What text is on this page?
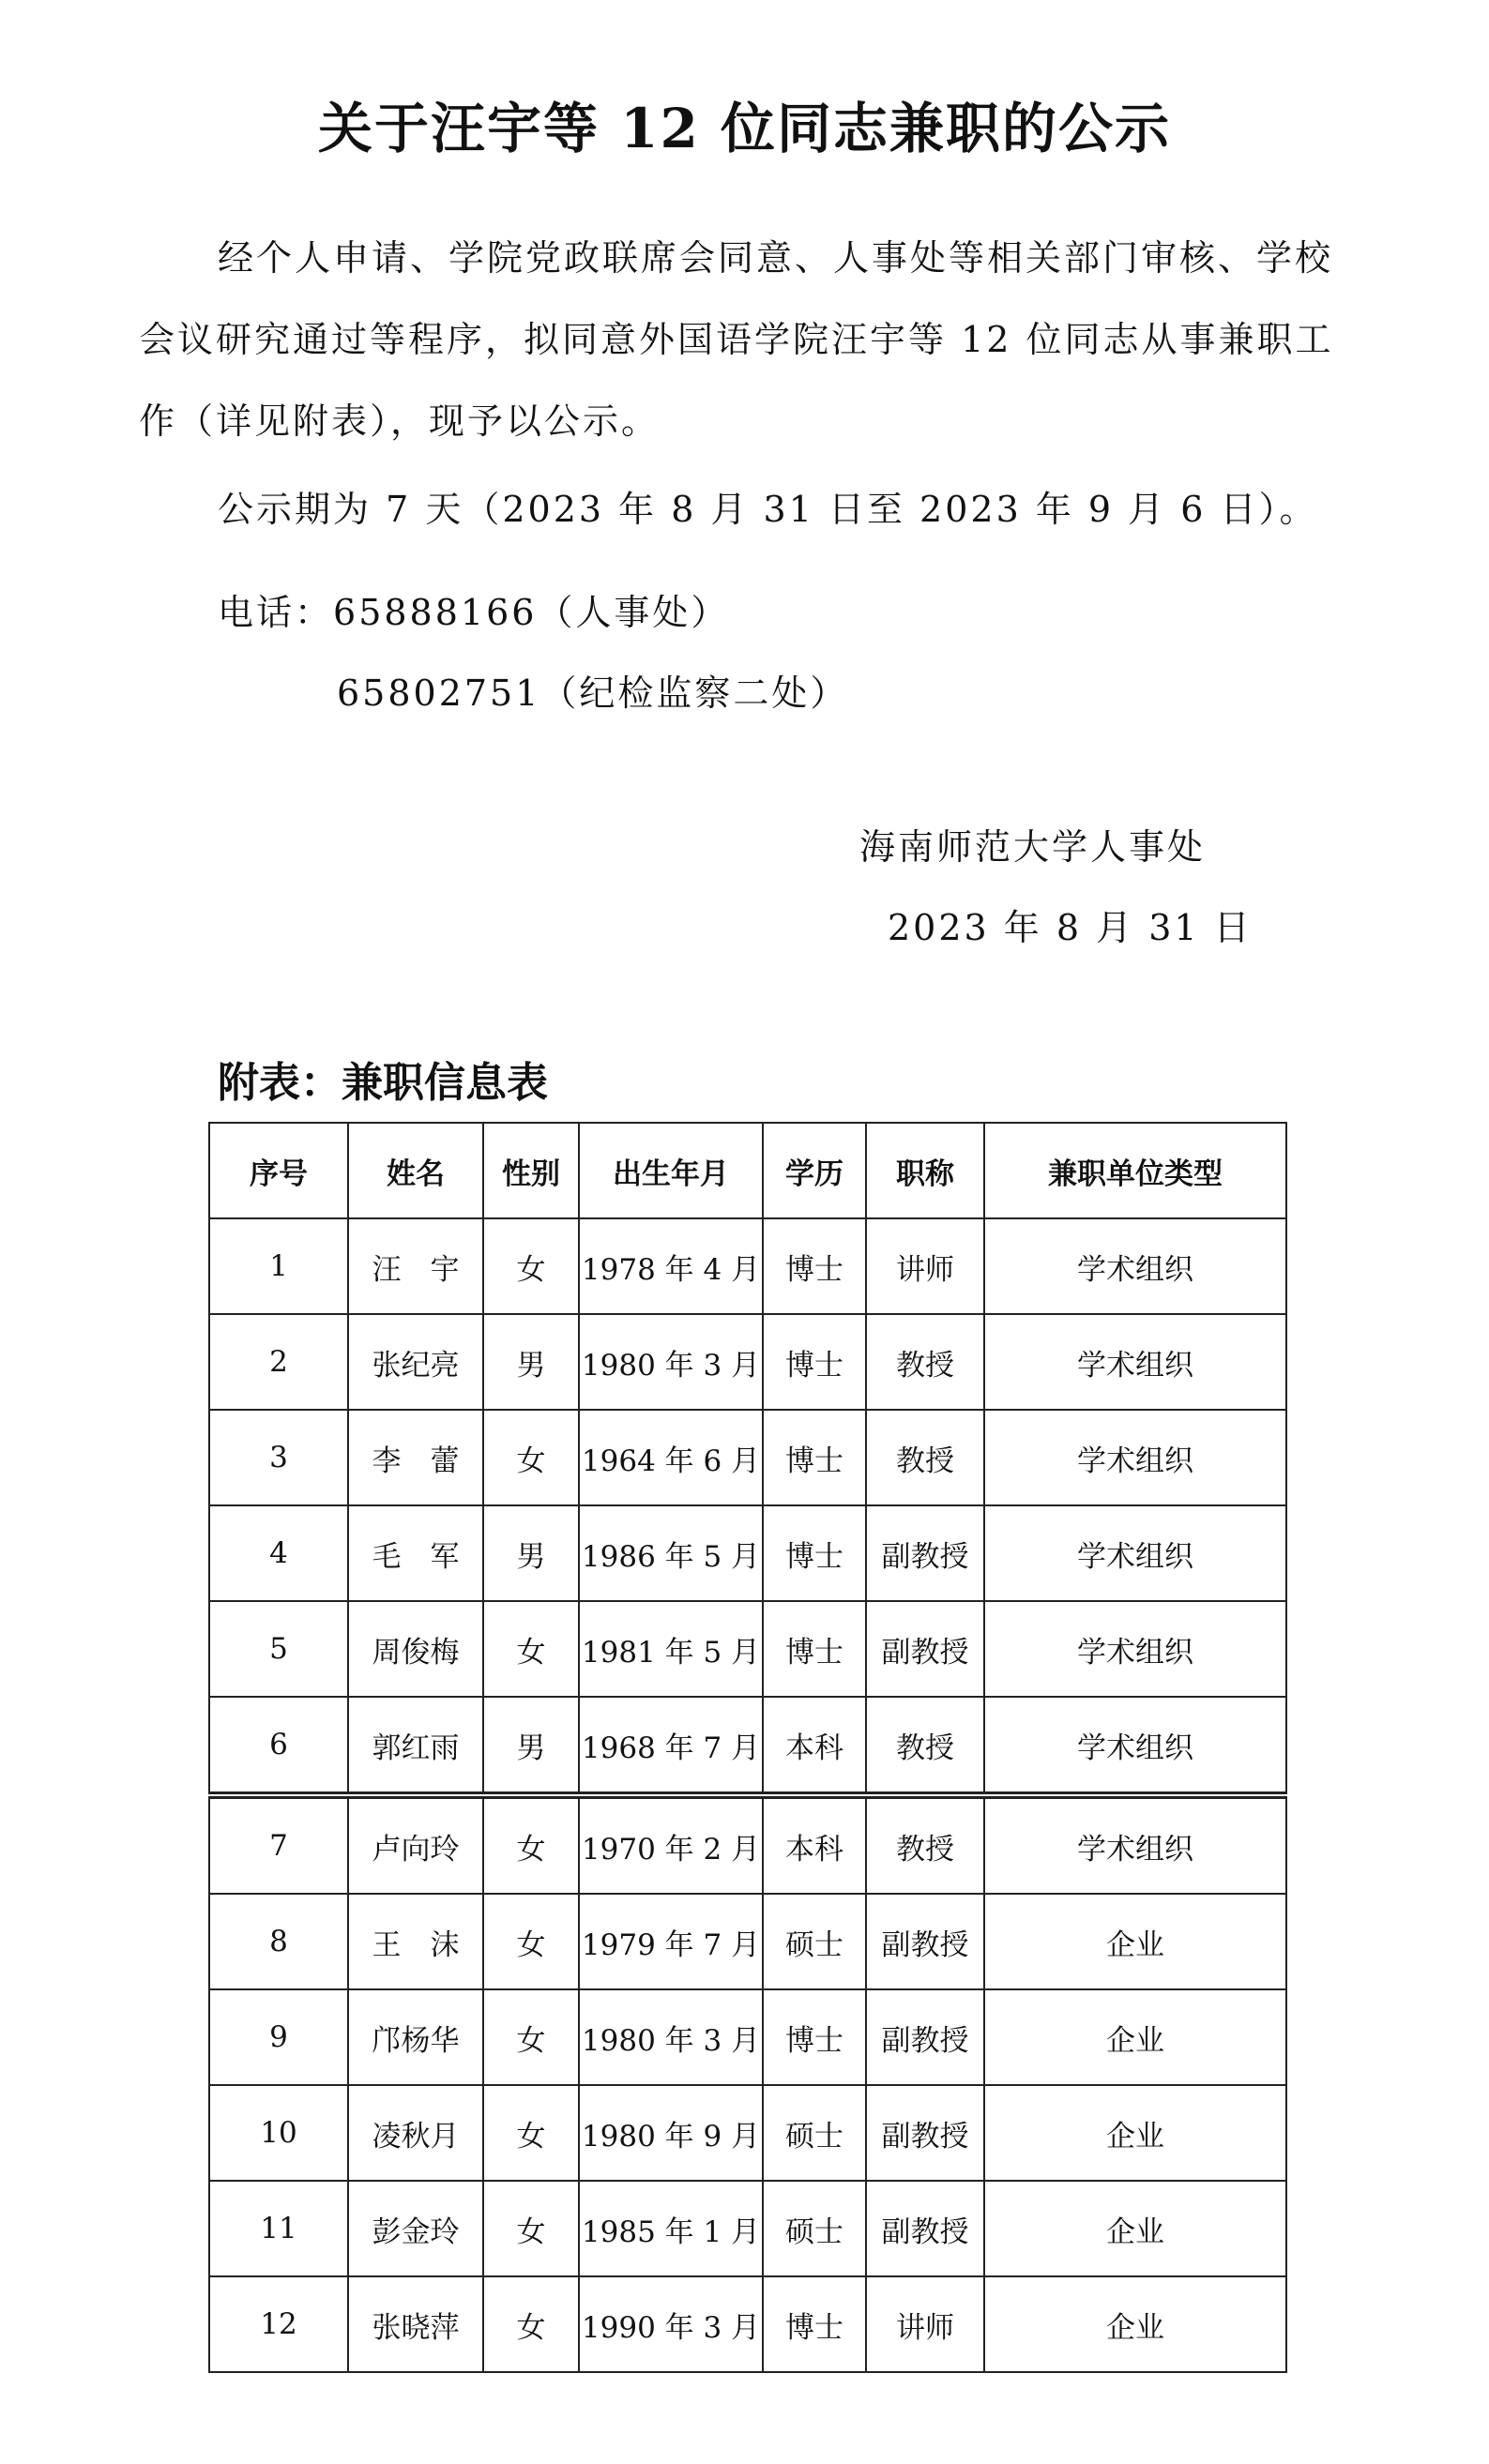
关于汪宇等 12 位同志兼职的公示

经个人申请、学院党政联席会同意、人事处等相关部门审核、学校会议研究通过等程序，拟同意外国语学院汪宇等 12 位同志从事兼职工作（详见附表），现予以公示。

公示期为 7 天（2023 年 8 月 31 日至 2023 年 9 月 6 日）。

电话：65888166（人事处）

65802751（纪检监察二处）

海南师范大学人事处
2023 年 8 月 31 日
附表：兼职信息表
序号	姓名	性别	出生年月	学历	职称	兼职单位类型
1	汪　宇	女	1978 年 4 月	博士	讲师	学术组织
2	张纪亮	男	1980 年 3 月	博士	教授	学术组织
3	李　蕾	女	1964 年 6 月	博士	教授	学术组织
4	毛　军	男	1986 年 5 月	博士	副教授	学术组织
5	周俊梅	女	1981 年 5 月	博士	副教授	学术组织
6	郭红雨	男	1968 年 7 月	本科	教授	学术组织
7	卢向玲	女	1970 年 2 月	本科	教授	学术组织
8	王　沫	女	1979 年 7 月	硕士	副教授	企业
9	邝杨华	女	1980 年 3 月	博士	副教授	企业
10	凌秋月	女	1980 年 9 月	硕士	副教授	企业
11	彭金玲	女	1985 年 1 月	硕士	副教授	企业
12	张晓萍	女	1990 年 3 月	博士	讲师	企业
